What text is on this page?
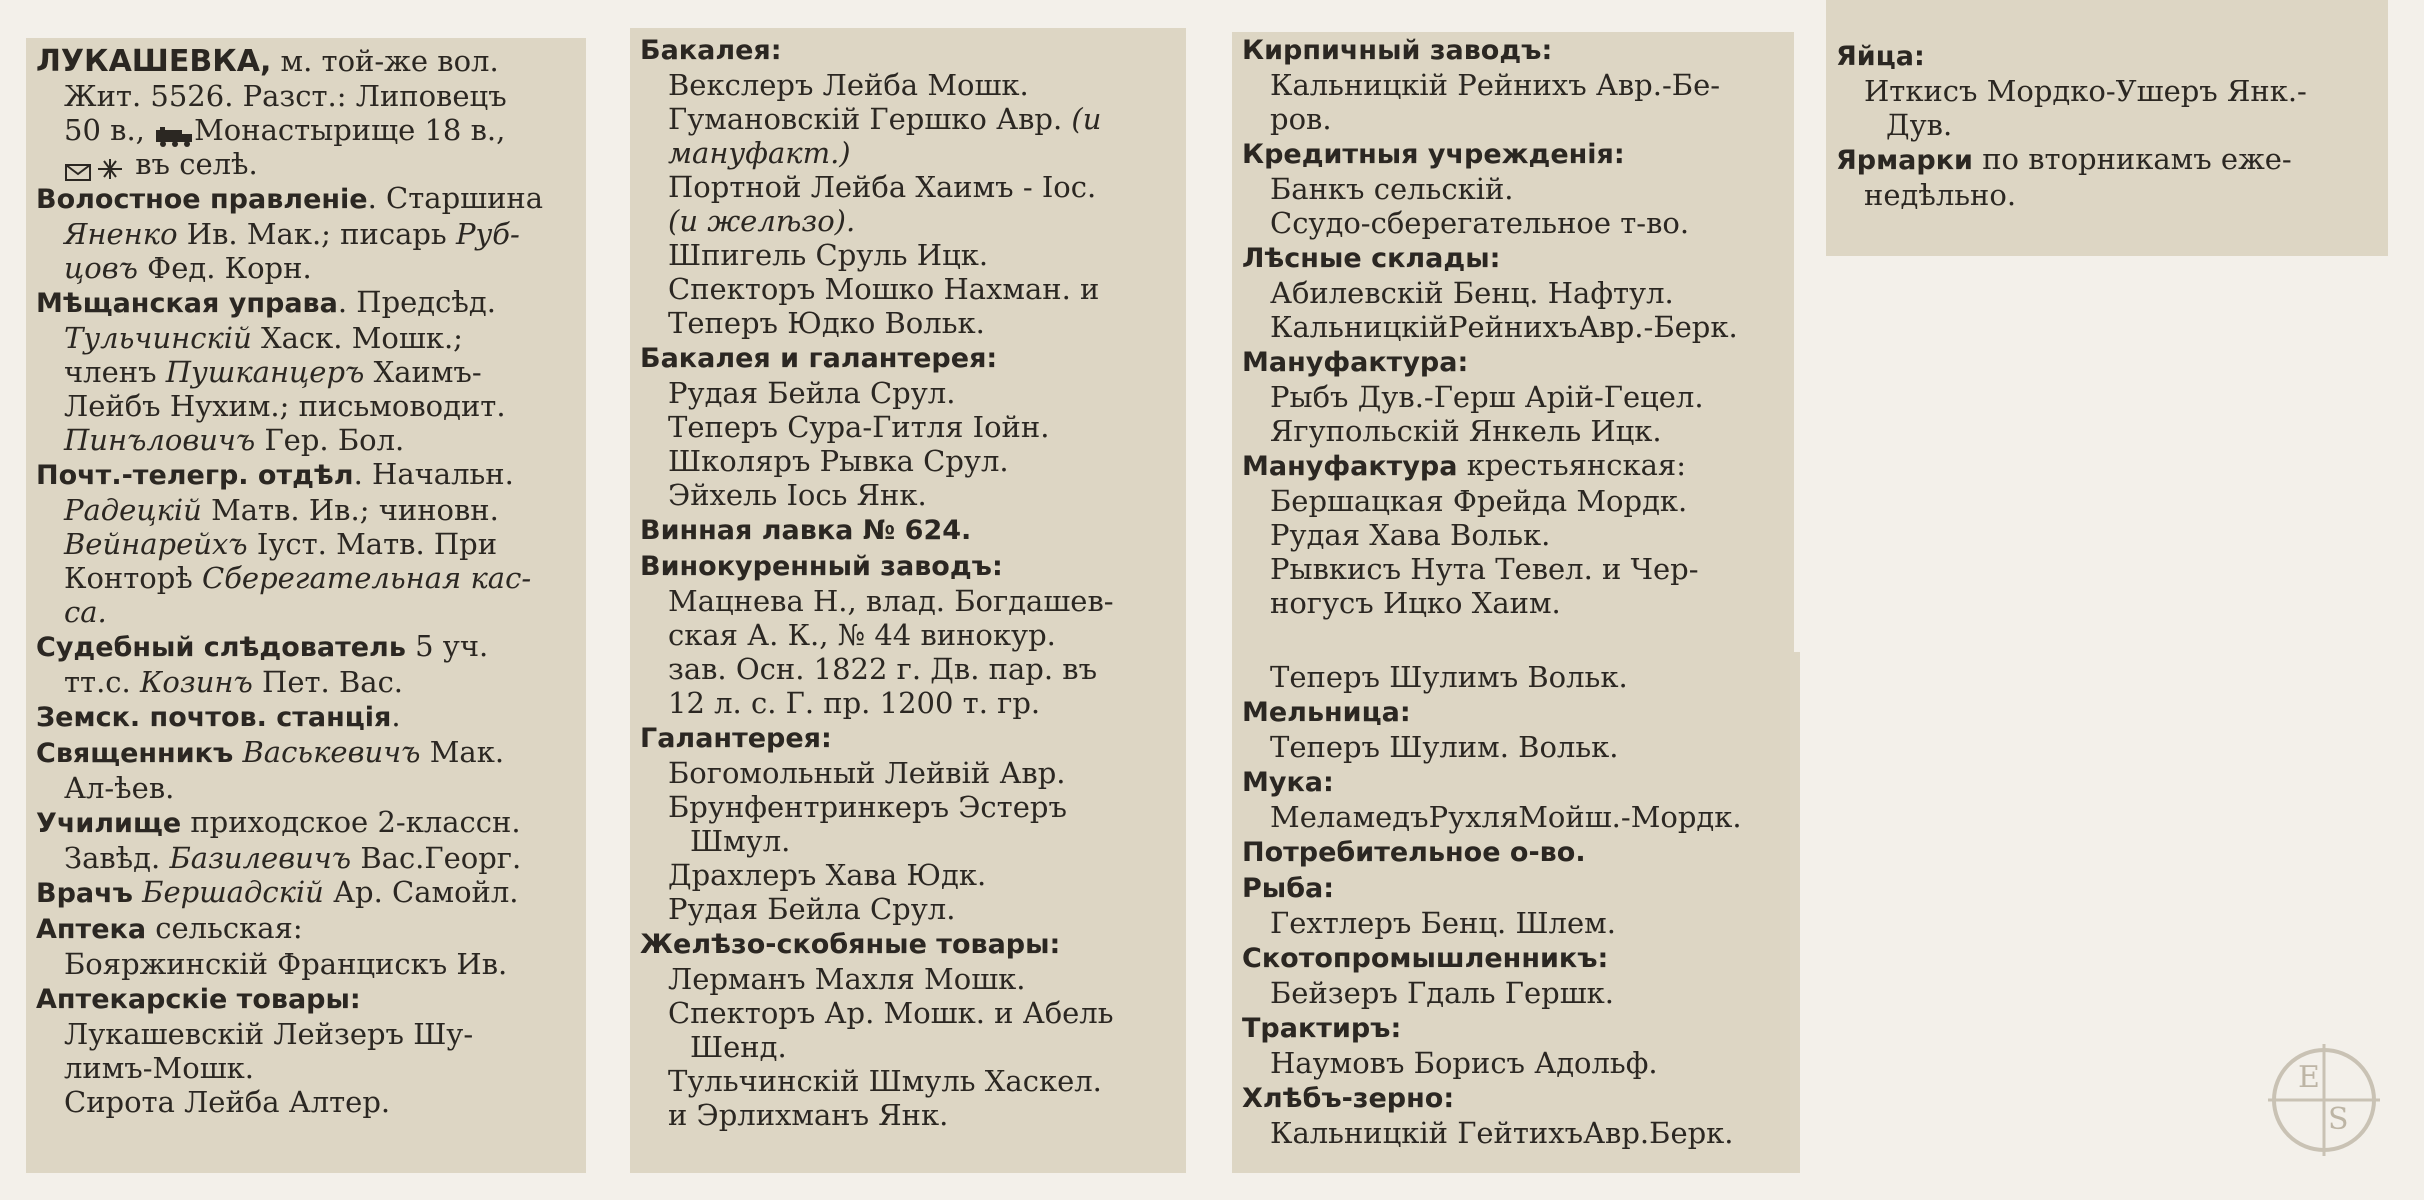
ЛУКАШЕВКА, м. той-же вол.

Жит. 5526. Разст.: Липовецъ

50 в., Монастырище 18 в.,

въ селѣ.

Волостное правленіе. Старшина

Яненко Ив. Мак.; писарь Руб-

цовъ Фед. Корн.

Мѣщанская управа. Предсѣд.

Тульчинскій Хаск. Мошк.;

членъ Пушканцеръ Хаимъ-

Лейбъ Нухим.; письмоводит.

Пинъловичъ Гер. Бол.

Почт.-телегр. отдѣл. Начальн.

Радецкій Матв. Ив.; чиновн.

Вейнарейхъ Iуст. Матв. При

Конторѣ Сберегательная кас-

са.

Судебный слѣдователь 5 уч.

тт.с. Козинъ Пет. Вас.

Земск. почтов. станція.

Священникъ Васькевичъ Мак.

Ал-ѣев.

Училище приходское 2-классн.

Завѣд. Базилевичъ Вас.Георг.

Врачъ Бершадскій Ар. Самойл.

Аптека сельская:

Бояржинскій Францискъ Ив.

Аптекарскіе товары:

Лукашевскій Лейзеръ Шу-

лимъ-Мошк.

Сирота Лейба Алтер.

Бакалея:

Векслеръ Лейба Мошк.

Гумановскій Гершко Авр. (и

мануфакт.)

Портной Лейба Хаимъ - Iос.

(и желѣзо).

Шпигель Сруль Ицк.

Спекторъ Мошко Нахман. и

Теперъ Юдко Вольк.

Бакалея и галантерея:

Рудая Бейла Срул.

Теперъ Сура-Гитля Iойн.

Школяръ Рывка Срул.

Эйхель Iось Янк.

Винная лавка № 624.

Винокуренный заводъ:

Мацнева Н., влад. Богдашев-

ская А. К., № 44 винокур.

зав. Осн. 1822 г. Дв. пар. въ

12 л. с. Г. пр. 1200 т. гр.

Галантерея:

Богомольный Лейвій Авр.

Брунфентринкеръ Эстеръ

Шмул.

Драхлеръ Хава Юдк.

Рудая Бейла Срул.

Желѣзо-скобяные товары:

Лерманъ Махля Мошк.

Спекторъ Ар. Мошк. и Абель

Шенд.

Тульчинскій Шмуль Хаскел.

и Эрлихманъ Янк.

Кирпичный заводъ:

Кальницкій Рейнихъ Авр.-Бе-

ров.

Кредитныя учрежденія:

Банкъ сельскій.

Ссудо-сберегательное т-во.

Лѣсные склады:

Абилевскій Бенц. Нафтул.

КальницкійРейнихъАвр.-Берк.

Мануфактура:

Рыбъ Дув.-Герш Арій-Гецел.

Ягупольскій Янкель Ицк.

Мануфактура крестьянская:

Бершацкая Фрейда Мордк.

Рудая Хава Вольк.

Рывкисъ Нута Тевел. и Чер-

ногусъ Ицко Хаим.

Теперъ Шулимъ Вольк.

Мельница:

Теперъ Шулим. Вольк.

Мука:

МеламедъРухляМойш.-Мордк.

Потребительное о-во.

Рыба:

Гехтлеръ Бенц. Шлем.

Скотопромышленникъ:

Бейзеръ Гдаль Гершк.

Трактиръ:

Наумовъ Борисъ Адольф.

Хлѣбъ-зерно:

Кальницкій ГейтихъАвр.Берк.

Яйца:

Иткисъ Мордко-Ушеръ Янк.-

Дув.

Ярмарки по вторникамъ еже-

недѣльно.

E
S
